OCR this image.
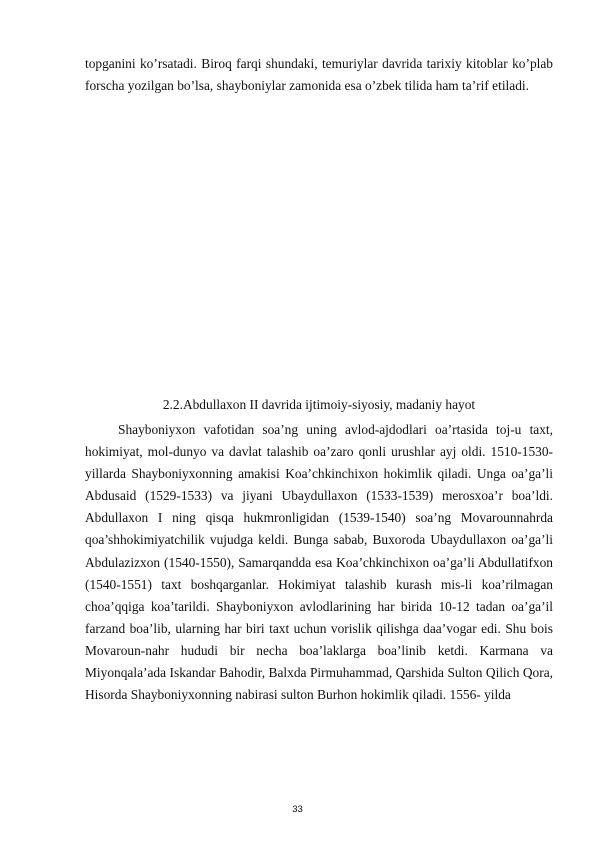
topganini ko’rsatadi. Biroq farqi shundaki, temuriylar davrida tarixiy kitoblar ko’plab forscha yozilgan bo’lsa, shayboniylar zamonida esa o’zbek tilida ham ta’rif etiladi.

2.2.Abdullaxon II davrida ijtimoiy-siyosiy, madaniy hayot

Shayboniyxon vafotidan soa’ng uning avlod-ajdodlari oa’rtasida toj-u taxt, hokimiyat, mol-dunyo va davlat talashib oa’zaro qonli urushlar ayj oldi. 1510-1530- yillarda Shayboniyxonning amakisi Koa’chkinchixon hokimlik qiladi. Unga oa’ga’li Abdusaid (1529-1533) va jiyani Ubaydullaxon (1533-1539) merosxoa’r boa’ldi. Abdullaxon I ning qisqa hukmronligidan (1539-1540) soa’ng Movarounnahrda qoa’shhokimiyatchilik vujudga keldi. Bunga sabab, Buxoroda Ubaydullaxon oa’ga’li Abdulazizxon (1540-1550), Samarqandda esa Koa’chkinchixon oa’ga’li Abdullatifxon (1540-1551) taxt boshqarganlar. Hokimiyat talashib kurash mis-li koa’rilmagan choa’qqiga koa’tarildi. Shayboniyxon avlodlarining har birida 10-12 tadan oa’ga’il farzand boa’lib, ularning har biri taxt uchun vorislik qilishga daa’vogar edi. Shu bois Movaroun-nahr hududi bir necha boa’laklarga boa’linib ketdi. Karmana va Miyonqala’ada Iskandar Bahodir, Balxda Pirmuhammad, Qarshida Sulton Qilich Qora, Hisorda Shayboniyxonning nabirasi sulton Burhon hokimlik qiladi. 1556- yilda

33
